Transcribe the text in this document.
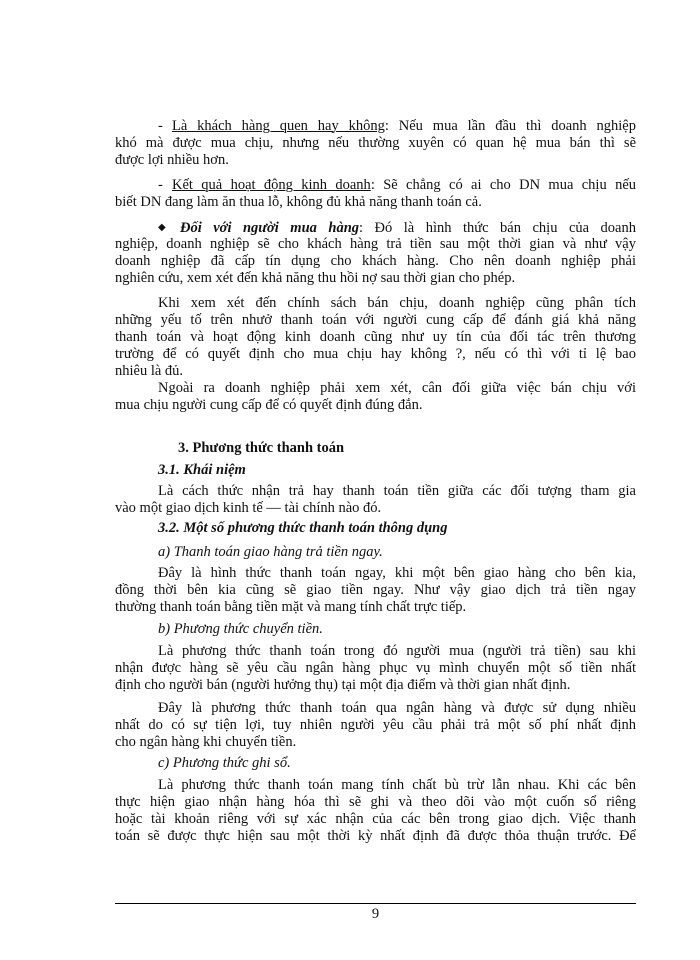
- Là khách hàng quen hay không: Nếu mua lần đầu thì doanh nghiệp
khó mà được mua chịu, nhưng nếu thường xuyên có quan hệ mua bán thì sẽ
được lợi nhiều hơn.
- Kết quả hoạt động kinh doanh: Sẽ chẳng có ai cho DN mua chịu nếu
biết DN đang làm ăn thua lỗ, không đủ khả năng thanh toán cả.
◆ Đối với người mua hàng: Đó là hình thức bán chịu của doanh
nghiệp, doanh nghiệp sẽ cho khách hàng trả tiền sau một thời gian và như vậy
doanh nghiệp đã cấp tín dụng cho khách hàng. Cho nên doanh nghiệp phải
nghiên cứu, xem xét đến khả năng thu hồi nợ sau thời gian cho phép.
Khi xem xét đến chính sách bán chịu, doanh nghiệp cũng phân tích
những yếu tố trên nhưở thanh toán với người cung cấp để đánh giá khả năng
thanh toán và hoạt động kinh doanh cũng như uy tín của đối tác trên thương
trường để có quyết định cho mua chịu hay không ?, nếu có thì với tỉ lệ bao
nhiêu là đủ.
Ngoài ra doanh nghiệp phải xem xét, cân đối giữa việc bán chịu với
mua chịu người cung cấp để có quyết định đúng đắn.
3. Phương thức thanh toán
3.1. Khái niệm
Là cách thức nhận trả hay thanh toán tiền giữa các đối tượng tham gia
vào một giao dịch kinh tế — tài chính nào đó.
3.2. Một số phương thức thanh toán thông dụng
a) Thanh toán giao hàng trả tiền ngay.
Đây là hình thức thanh toán ngay, khi một bên giao hàng cho bên kia,
đồng thời bên kia cũng sẽ giao tiền ngay. Như vậy giao dịch trả tiền ngay
thường thanh toán bằng tiền mặt và mang tính chất trực tiếp.
b) Phương thức chuyển tiền.
Là phương thức thanh toán trong đó người mua (người trả tiền) sau khi
nhận được hàng sẽ yêu cầu ngân hàng phục vụ mình chuyển một số tiền nhất
định cho người bán (người hưởng thụ) tại một địa điểm và thời gian nhất định.
Đây là phương thức thanh toán qua ngân hàng và được sử dụng nhiều
nhất do có sự tiện lợi, tuy nhiên người yêu cầu phải trả một số phí nhất định
cho ngân hàng khi chuyển tiền.
c) Phương thức ghi sổ.
Là phương thức thanh toán mang tính chất bù trừ lẫn nhau. Khi các bên
thực hiện giao nhận hàng hóa thì sẽ ghi và theo dõi vào một cuốn sổ riêng
hoặc tài khoản riêng với sự xác nhận của các bên trong giao dịch. Việc thanh
toán sẽ được thực hiện sau một thời kỳ nhất định đã được thỏa thuận trước. Để
9
